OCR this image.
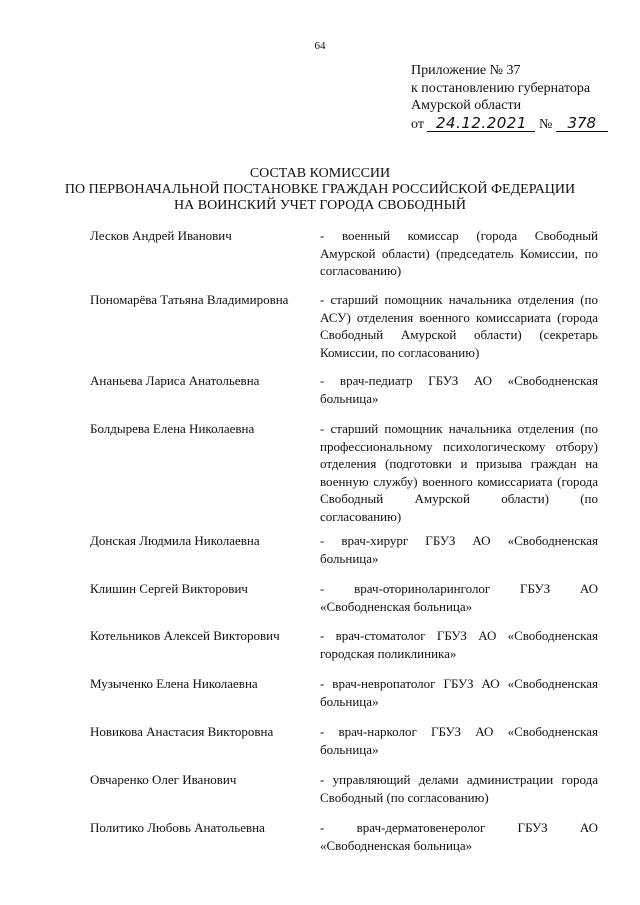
64
Приложение № 37
к постановлению губернатора
Амурской области
от 24.12.2021 № 378
СОСТАВ КОМИССИИ
ПО ПЕРВОНАЧАЛЬНОЙ ПОСТАНОВКЕ ГРАЖДАН РОССИЙСКОЙ ФЕДЕРАЦИИ
НА ВОИНСКИЙ УЧЕТ ГОРОДА СВОБОДНЫЙ
Лесков Андрей Иванович	- военный комиссар (города Свободный Амурской области) (председатель Комиссии, по согласованию)
Пономарёва Татьяна Владимировна - старший помощник начальника отделения (по АСУ) отделения военного комиссариата (города Свободный Амурской области) (секретарь Комиссии, по согласованию)
Ананьева Лариса Анатольевна	- врач-педиатр ГБУЗ АО «Свободненская больница»
Болдырева Елена Николаевна	- старший помощник начальника отделения (по профессиональному психологическому отбору) отделения (подготовки и призыва граждан на военную службу) военного комиссариата (города Свободный Амурской области) (по согласованию)
Донская Людмила Николаевна	- врач-хирург ГБУЗ АО «Свободненская больница»
Клишин Сергей Викторович	- врач-оториноларинголог ГБУЗ АО «Свободненская больница»
Котельников Алексей Викторович	- врач-стоматолог ГБУЗ АО «Свободненская городская поликлиника»
Музыченко Елена Николаевна	- врач-невропатолог ГБУЗ АО «Свободненская больница»
Новикова Анастасия Викторовна	- врач-нарколог ГБУЗ АО «Свободненская больница»
Овчаренко Олег Иванович	- управляющий делами администрации города Свободный (по согласованию)
Политико Любовь Анатольевна	- врач-дерматовенеролог ГБУЗ АО «Свободненская больница»
